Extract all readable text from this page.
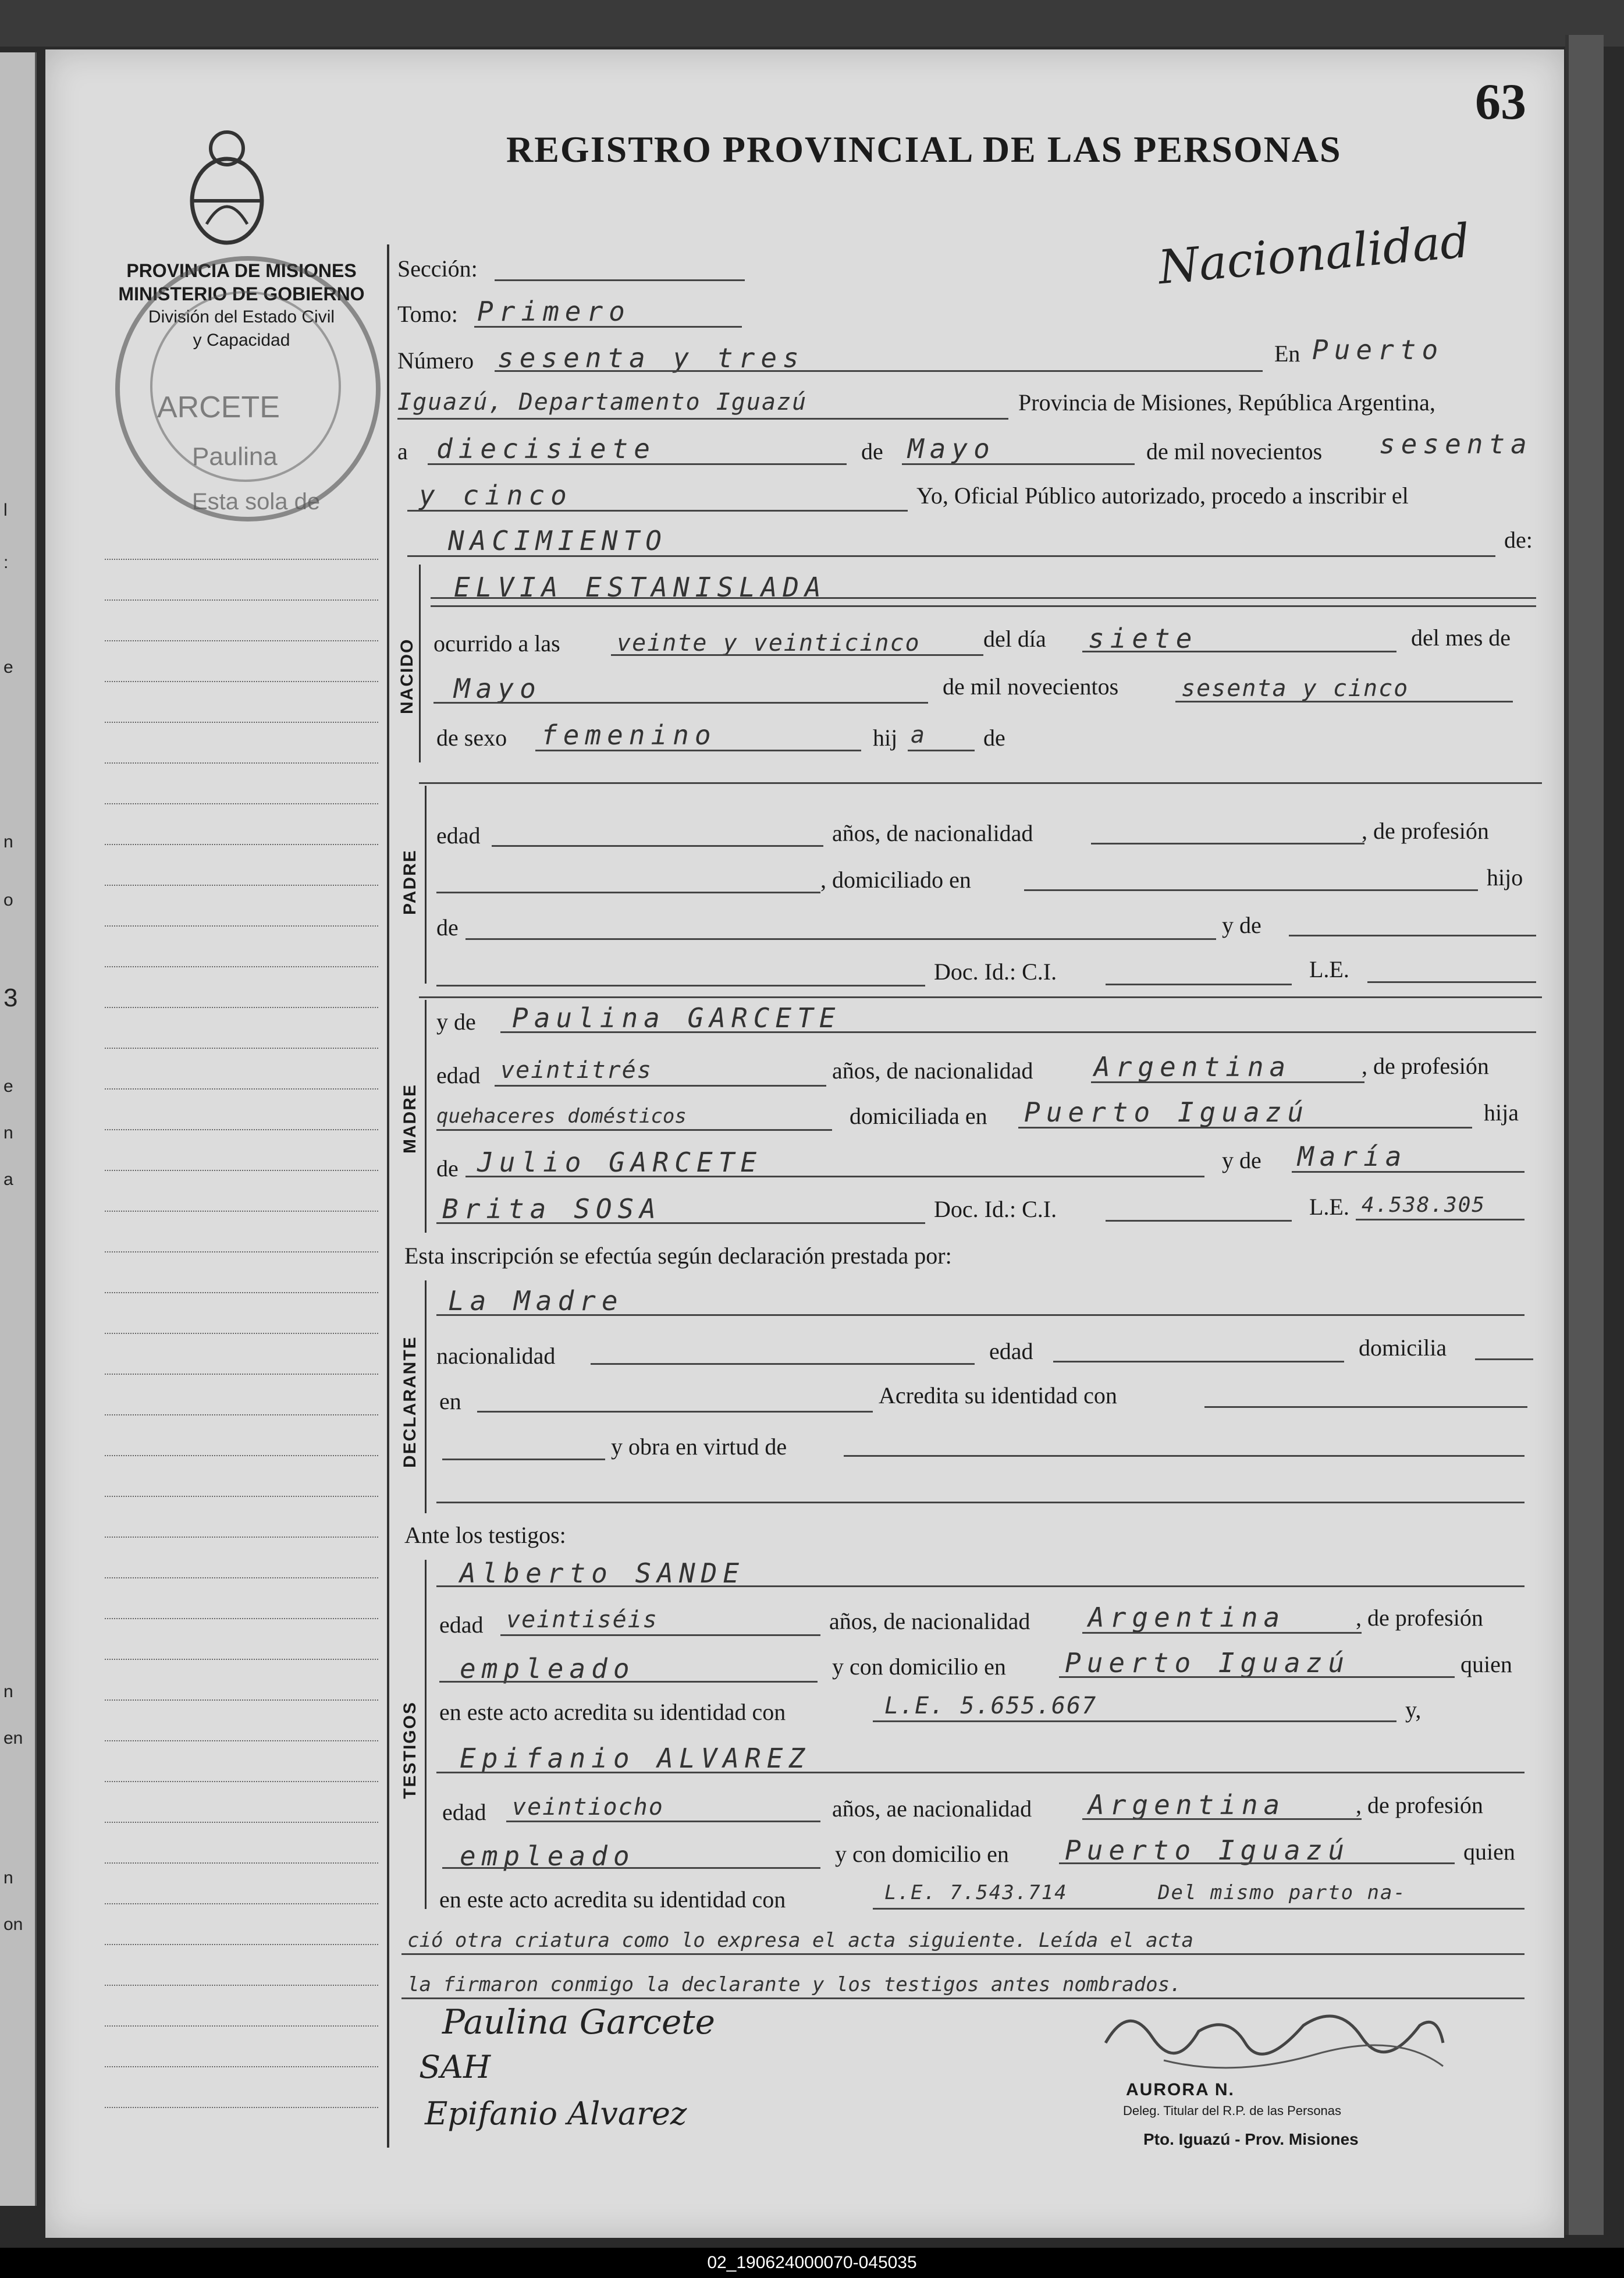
l
:
e
n
o
3
e
n
a
n
en
n
on
63
REGISTRO PROVINCIAL DE LAS PERSONAS
Nacionalidad
PROVINCIA DE MISIONES
MINISTERIO DE GOBIERNO
División del Estado Civil
y Capacidad
ARCETE
Paulina
Esta sola de
Sección:
Tomo: Primero
Número sesenta y tres	En Puerto
Iguazú, Departamento Iguazú	Provincia de Misiones, República Argentina,
a diecisiete	de Mayo	de mil novecientos sesenta
y cinco	Yo, Oficial Público autorizado, procedo a inscribir el
NACIMIENTO	de:
NACIDO
ELVIA ESTANISLADA
ocurrido a las veinte y veinticinco	del día siete	del mes de
Mayo	de mil novecientos	sesenta y cinco
de sexo femenino	hij a de
PADRE
edad	años, de nacionalidad	, de profesión
, domiciliado en	hijo
de	y de
Doc. Id.: C.I.	L.E.
MADRE
y de Paulina GARCETE
edad veintitrés	años, de nacionalidad Argentina	, de profesión
quehaceres domésticos	domiciliada en Puerto Iguazú	hija
de Julio GARCETE	y de María
Brita SOSA	Doc. Id.: C.I.	L.E. 4.538.305
Esta inscripción se efectúa según declaración prestada por:
DECLARANTE
La Madre
nacionalidad	edad	domicilia
en	Acredita su identidad con
y obra en virtud de
Ante los testigos:
TESTIGOS
Alberto SANDE
edad veintiséis	años, de nacionalidad Argentina	, de profesión
empleado	y con domicilio en Puerto Iguazú	quien
en este acto acredita su identidad con	L.E. 5.655.667	y,
Epifanio ALVAREZ
edad veintiocho	años, ae nacionalidad Argentina	, de profesión
empleado	y con domicilio en Puerto Iguazú	quien
en este acto acredita su identidad con	L.E. 7.543.714	Del mismo parto na-
ció otra criatura como lo expresa el acta siguiente. Leída el acta
la firmaron conmigo la declarante y los testigos antes nombrados.
Paulina Garcete
SAH
Epifanio Alvarez
AURORA N.
Deleg. Titular del R.P. de las Personas
Pto. Iguazú - Prov. Misiones
02_190624000070-045035
